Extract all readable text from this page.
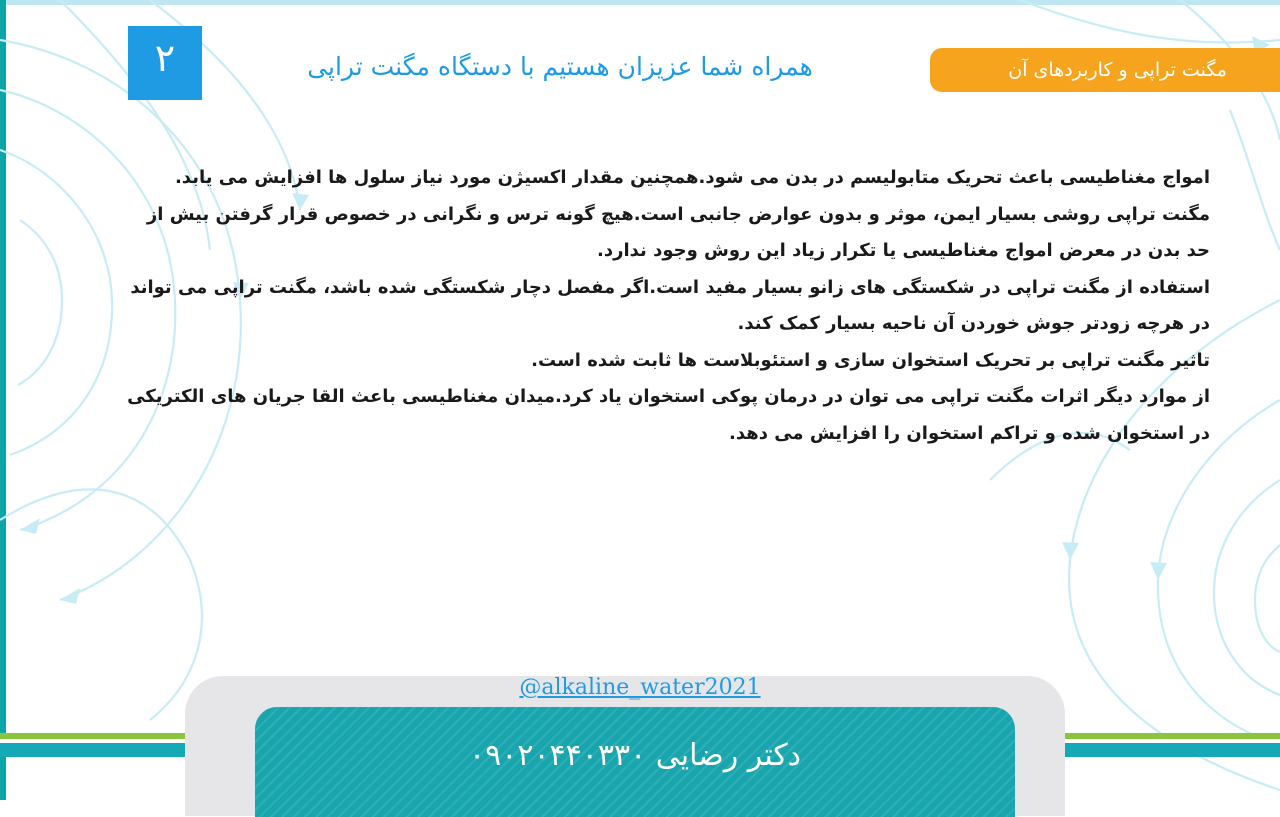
۲	همراه شما عزیزان هستیم با دستگاه مگنت تراپی	مگنت تراپی و کاربردهای آن

امواج مغناطیسی باعث تحریک متابولیسم در بدن می شود.همچنین مقدار اکسیژن مورد نیاز سلول ها افزایش می یابد.

مگنت تراپی روشی بسیار ایمن، موثر و بدون عوارض جانبی است.هیچ گونه ترس و نگرانی در خصوص قرار گرفتن بیش از

حد بدن در معرض امواج مغناطیسی یا تکرار زیاد این روش وجود ندارد.

استفاده از مگنت تراپی در شکستگی های زانو بسیار مفید است.اگر مفصل دچار شکستگی شده باشد، مگنت تراپی می تواند

در هرچه زودتر جوش خوردن آن ناحیه بسیار کمک کند.

تاثیر مگنت تراپی بر تحریک استخوان سازی و استئوبلاست ها ثابت شده است.

از موارد دیگر اثرات مگنت تراپی می توان در درمان پوکی استخوان یاد کرد.میدان مغناطیسی باعث القا جریان های الکتریکی

در استخوان شده و تراکم استخوان را افزایش می دهد.

@alkaline_water2021
دکتر رضایی ۰۹۰۲۰۴۴۰۳۳۰
